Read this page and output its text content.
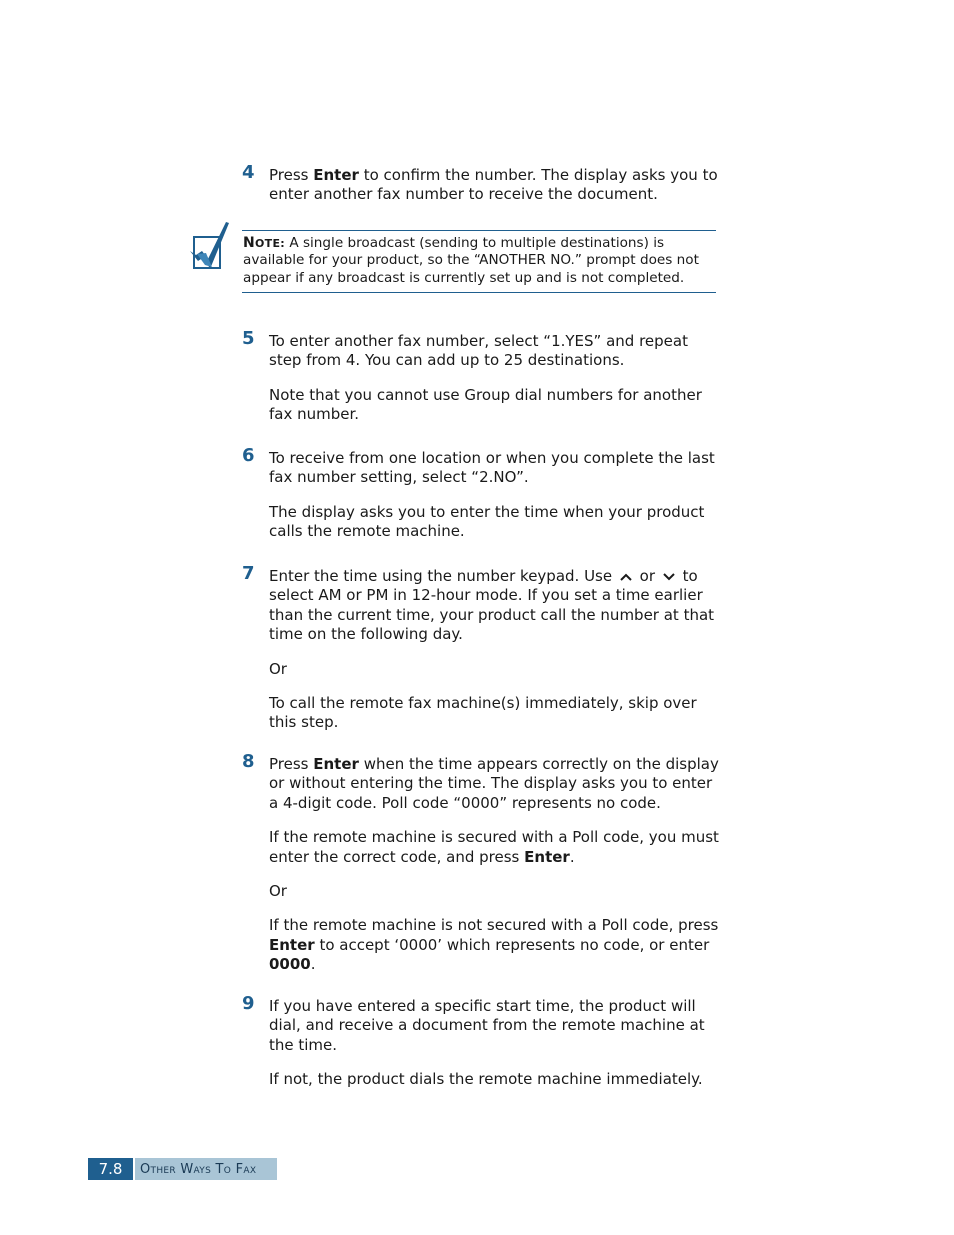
4 Press Enter to confirm the number. The display asks you to enter another fax number to receive the document.

NOTE: A single broadcast (sending to multiple destinations) is available for your product, so the “ANOTHER NO.” prompt does not appear if any broadcast is currently set up and is not completed.
5 To enter another fax number, select “1.YES” and repeat step from 4. You can add up to 25 destinations.

Note that you cannot use Group dial numbers for another fax number.

6 To receive from one location or when you complete the last fax number setting, select “2.NO”.

The display asks you to enter the time when your product calls the remote machine.

7 Enter the time using the number keypad. Use or to select AM or PM in 12-hour mode. If you set a time earlier than the current time, your product call the number at that time on the following day.

Or

To call the remote fax machine(s) immediately, skip over this step.

8 Press Enter when the time appears correctly on the display or without entering the time. The display asks you to enter a 4-digit code. Poll code “0000” represents no code.

If the remote machine is secured with a Poll code, you must enter the correct code, and press Enter.

Or

If the remote machine is not secured with a Poll code, press Enter to accept ‘0000’ which represents no code, or enter 0000.

9 If you have entered a specific start time, the product will dial, and receive a document from the remote machine at the time.

If not, the product dials the remote machine immediately.

7.8	Other Ways To Fax
